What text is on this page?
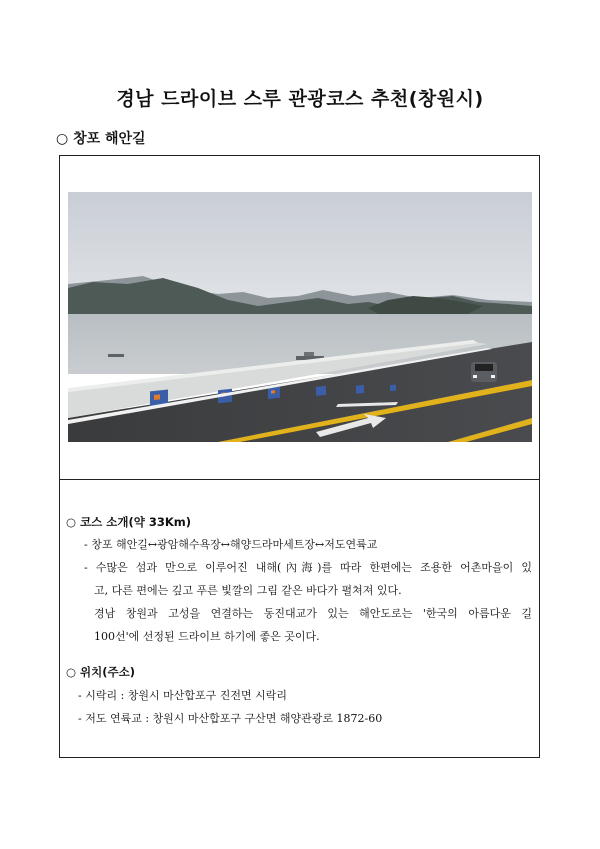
경남 드라이브 스루 관광코스 추천(창원시)
○ 창포 해안길
○ 코스 소개(약 33Km)
- 창포 해안길↔광암해수욕장↔해양드라마세트장↔저도연륙교
- 수많은 섬과 만으로 이루어진 내해(內海)를 따라 한편에는 조용한 어촌마을이 있
고, 다른 편에는 깊고 푸른 빛깔의 그림 같은 바다가 펼쳐져 있다.
경남 창원과 고성을 연결하는 동진대교가 있는 해안도로는 '한국의 아름다운 길
100선'에 선정된 드라이브 하기에 좋은 곳이다.
○ 위치(주소)
- 시락리 : 창원시 마산합포구 진전면 시락리
- 저도 연륙교 : 창원시 마산합포구 구산면 해양관광로 1872-60
